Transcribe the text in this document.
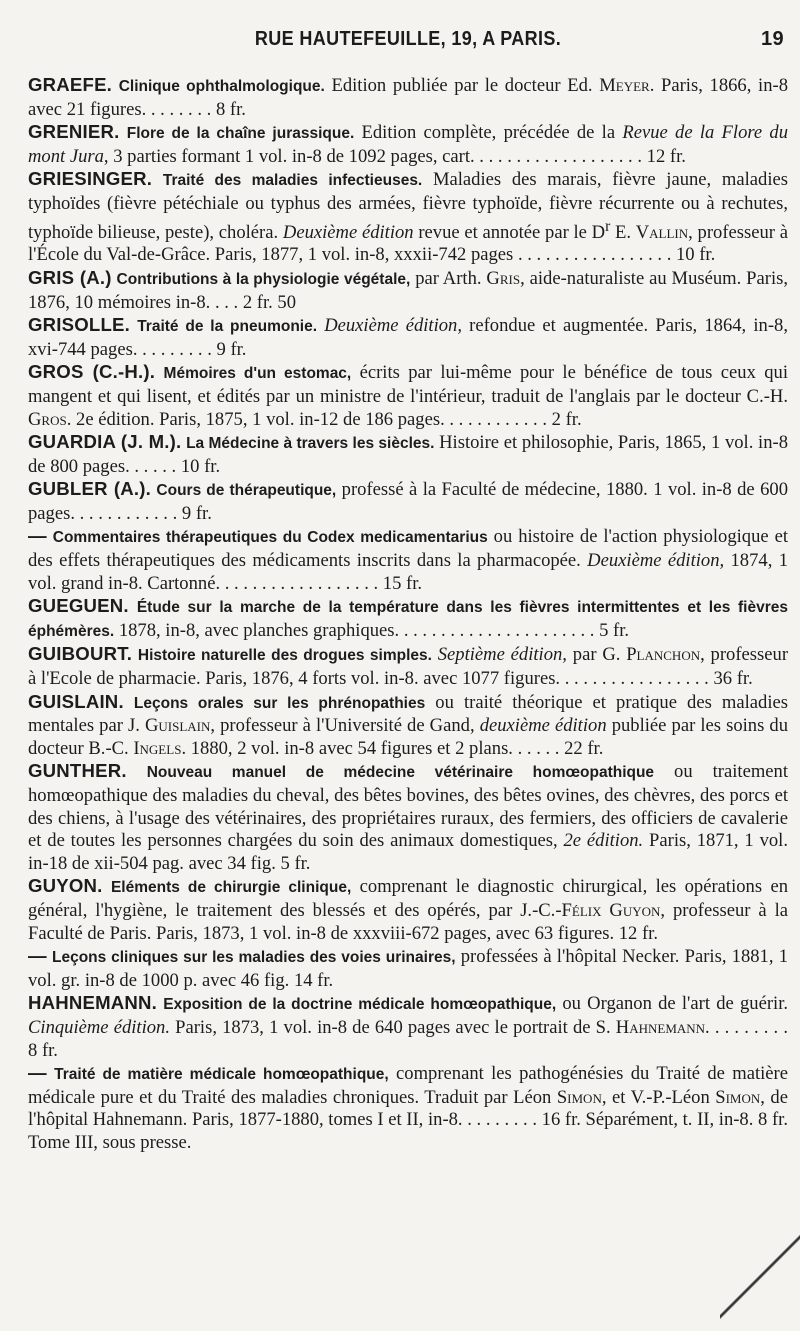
RUE HAUTEFEUILLE, 19, A PARIS.	19

GRAEFE. Clinique ophthalmologique. Edition publiée par le docteur Ed. Meyer. Paris, 1866, in-8 avec 21 figures. . . . . . . . 8 fr.

GRENIER. Flore de la chaîne jurassique. Edition complète, précédée de la Revue de la Flore du mont Jura, 3 parties formant 1 vol. in-8 de 1092 pages, cart. . . . . . . . . . . . . . . . . . . 12 fr.

GRIESINGER. Traité des maladies infectieuses. Maladies des marais, fièvre jaune, maladies typhoïdes (fièvre pétéchiale ou typhus des armées, fièvre typhoïde, fièvre récurrente ou à rechutes, typhoïde bilieuse, peste), choléra. Deuxième édition revue et annotée par le $D^r$ E. Vallin, professeur à l'École du Val-de-Grâce. Paris, 1877, 1 vol. in-8, xxxii-742 pages . . . . . . . . . . . . . . . . . 10 fr.

GRIS (A.) Contributions à la physiologie végétale, par Arth. Gris, aide-naturaliste au Muséum. Paris, 1876, 10 mémoires in-8. . . . 2 fr. 50

GRISOLLE. Traité de la pneumonie. Deuxième édition, refondue et augmentée. Paris, 1864, in-8, xvi-744 pages. . . . . . . . . 9 fr.

GROS (C.-H.). Mémoires d'un estomac, écrits par lui-même pour le bénéfice de tous ceux qui mangent et qui lisent, et édités par un ministre de l'intérieur, traduit de l'anglais par le docteur C.-H. Gros. 2e édition. Paris, 1875, 1 vol. in-12 de 186 pages. . . . . . . . . . . . 2 fr.

GUARDIA (J. M.). La Médecine à travers les siècles. Histoire et philosophie, Paris, 1865, 1 vol. in-8 de 800 pages. . . . . . 10 fr.

GUBLER (A.). Cours de thérapeutique, professé à la Faculté de médecine, 1880. 1 vol. in-8 de 600 pages. . . . . . . . . . . . 9 fr.

— Commentaires thérapeutiques du Codex medicamentarius ou histoire de l'action physiologique et des effets thérapeutiques des médicaments inscrits dans la pharmacopée. Deuxième édition, 1874, 1 vol. grand in-8. Cartonné. . . . . . . . . . . . . . . . . . 15 fr.

GUEGUEN. Étude sur la marche de la température dans les fièvres intermittentes et les fièvres éphémères. 1878, in-8, avec planches graphiques. . . . . . . . . . . . . . . . . . . . . . 5 fr.

GUIBOURT. Histoire naturelle des drogues simples. Septième édition, par G. Planchon, professeur à l'Ecole de pharmacie. Paris, 1876, 4 forts vol. in-8. avec 1077 figures. . . . . . . . . . . . . . . . . 36 fr.

GUISLAIN. Leçons orales sur les phrénopathies ou traité théorique et pratique des maladies mentales par J. Guislain, professeur à l'Université de Gand, deuxième édition publiée par les soins du docteur B.-C. Ingels. 1880, 2 vol. in-8 avec 54 figures et 2 plans. . . . . . 22 fr.

GUNTHER. Nouveau manuel de médecine vétérinaire homœopathique ou traitement homœopathique des maladies du cheval, des bêtes bovines, des bêtes ovines, des chèvres, des porcs et des chiens, à l'usage des vétérinaires, des propriétaires ruraux, des fermiers, des officiers de cavalerie et de toutes les personnes chargées du soin des animaux domestiques, 2e édition. Paris, 1871, 1 vol. in-18 de xii-504 pag. avec 34 fig. 5 fr.

GUYON. Eléments de chirurgie clinique, comprenant le diagnostic chirurgical, les opérations en général, l'hygiène, le traitement des blessés et des opérés, par J.-C.-Félix Guyon, professeur à la Faculté de Paris. Paris, 1873, 1 vol. in-8 de xxxviii-672 pages, avec 63 figures. 12 fr.

— Leçons cliniques sur les maladies des voies urinaires, professées à l'hôpital Necker. Paris, 1881, 1 vol. gr. in-8 de 1000 p. avec 46 fig. 14 fr.

HAHNEMANN. Exposition de la doctrine médicale homœopathique, ou Organon de l'art de guérir. Cinquième édition. Paris, 1873, 1 vol. in-8 de 640 pages avec le portrait de S. Hahnemann. . . . . . . . . 8 fr.

— Traité de matière médicale homœopathique, comprenant les pathogénésies du Traité de matière médicale pure et du Traité des maladies chroniques. Traduit par Léon Simon, et V.-P.-Léon Simon, de l'hôpital Hahnemann. Paris, 1877-1880, tomes I et II, in-8. . . . . . . . . 16 fr. Séparément, t. II, in-8. 8 fr. Tome III, sous presse.
